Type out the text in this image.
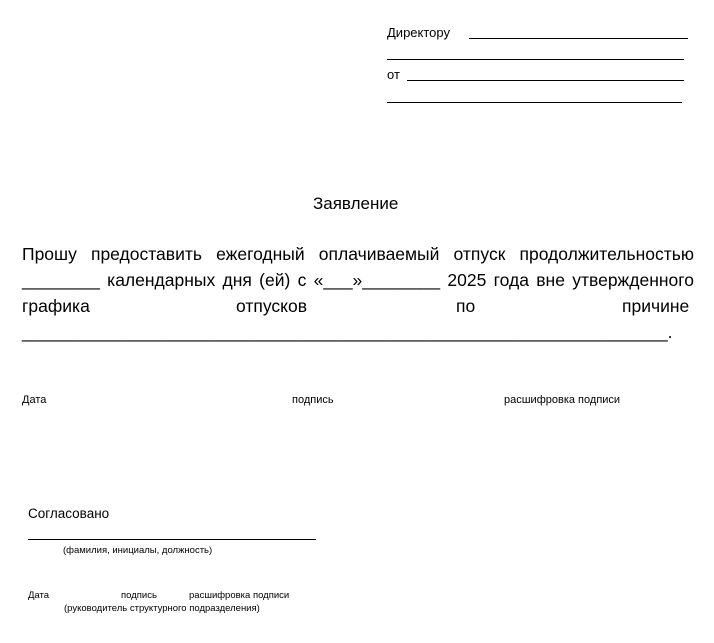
Директору
от
Заявление
Прошу предоставить ежегодный оплачиваемый отпуск продолжительностью
________ календарных дня (ей) с «___»________ 2025 года вне утвержденного
графика	отпусков	по	причине
__________________________________________________________________.
Дата	подпись	расшифровка подписи
Согласовано
(фамилия, инициалы, должность)
Дата	подпись	расшифровка подписи
(руководитель структурного подразделения)
